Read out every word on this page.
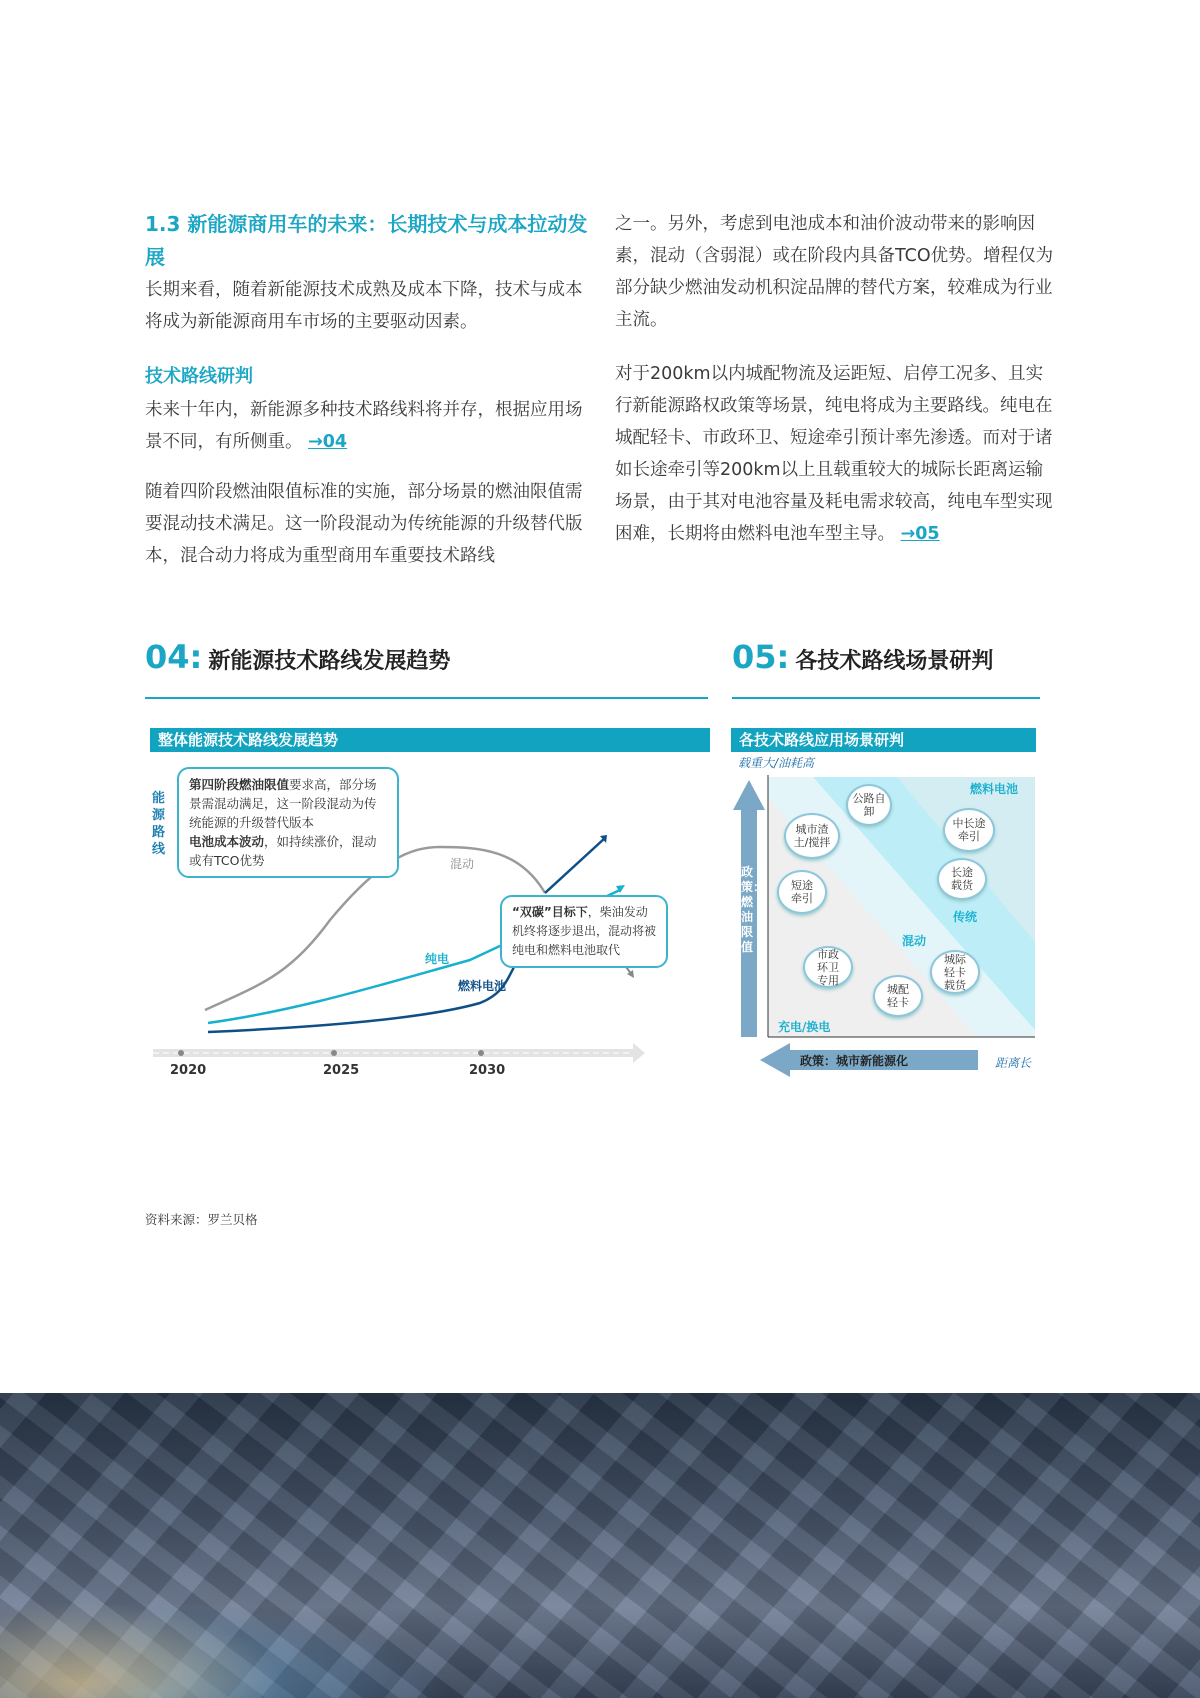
1.3 新能源商用车的未来：长期技术与成本拉动发展
长期来看，随着新能源技术成熟及成本下降，技术与成本将成为新能源商用车市场的主要驱动因素。
技术路线研判
未来十年内，新能源多种技术路线料将并存，根据应用场景不同，有所侧重。 →04
随着四阶段燃油限值标准的实施，部分场景的燃油限值需要混动技术满足。这一阶段混动为传统能源的升级替代版本，混合动力将成为重型商用车重要技术路线
之一。另外，考虑到电池成本和油价波动带来的影响因素，混动（含弱混）或在阶段内具备TCO优势。增程仅为部分缺少燃油发动机积淀品牌的替代方案，较难成为行业主流。
对于200km以内城配物流及运距短、启停工况多、且实行新能源路权政策等场景，纯电将成为主要路线。纯电在城配轻卡、市政环卫、短途牵引预计率先渗透。而对于诸如长途牵引等200km以上且载重较大的城际长距离运输场景，由于其对电池容量及耗电需求较高，纯电车型实现困难，长期将由燃料电池车型主导。 →05
04: 新能源技术路线发展趋势
整体能源技术路线发展趋势
能源路线
混动
纯电
燃料电池
2020	2025	2030
第四阶段燃油限值要求高，部分场景需混动满足，这一阶段混动为传统能源的升级替代版本
电池成本波动，如持续涨价，混动或有TCO优势
“双碳”目标下，柴油发动机终将逐步退出，混动将被纯电和燃料电池取代
05: 各技术路线场景研判
各技术路线应用场景研判
载重大/油耗高
政策：燃油限值
政策：城市新能源化	距离长
充电/换电
混动
传统
燃料电池
公路自卸
城市渣土/搅拌
中长途牵引
长途载货
短途牵引
市政环卫专用
城际轻卡载货
城配轻卡
资料来源：罗兰贝格
